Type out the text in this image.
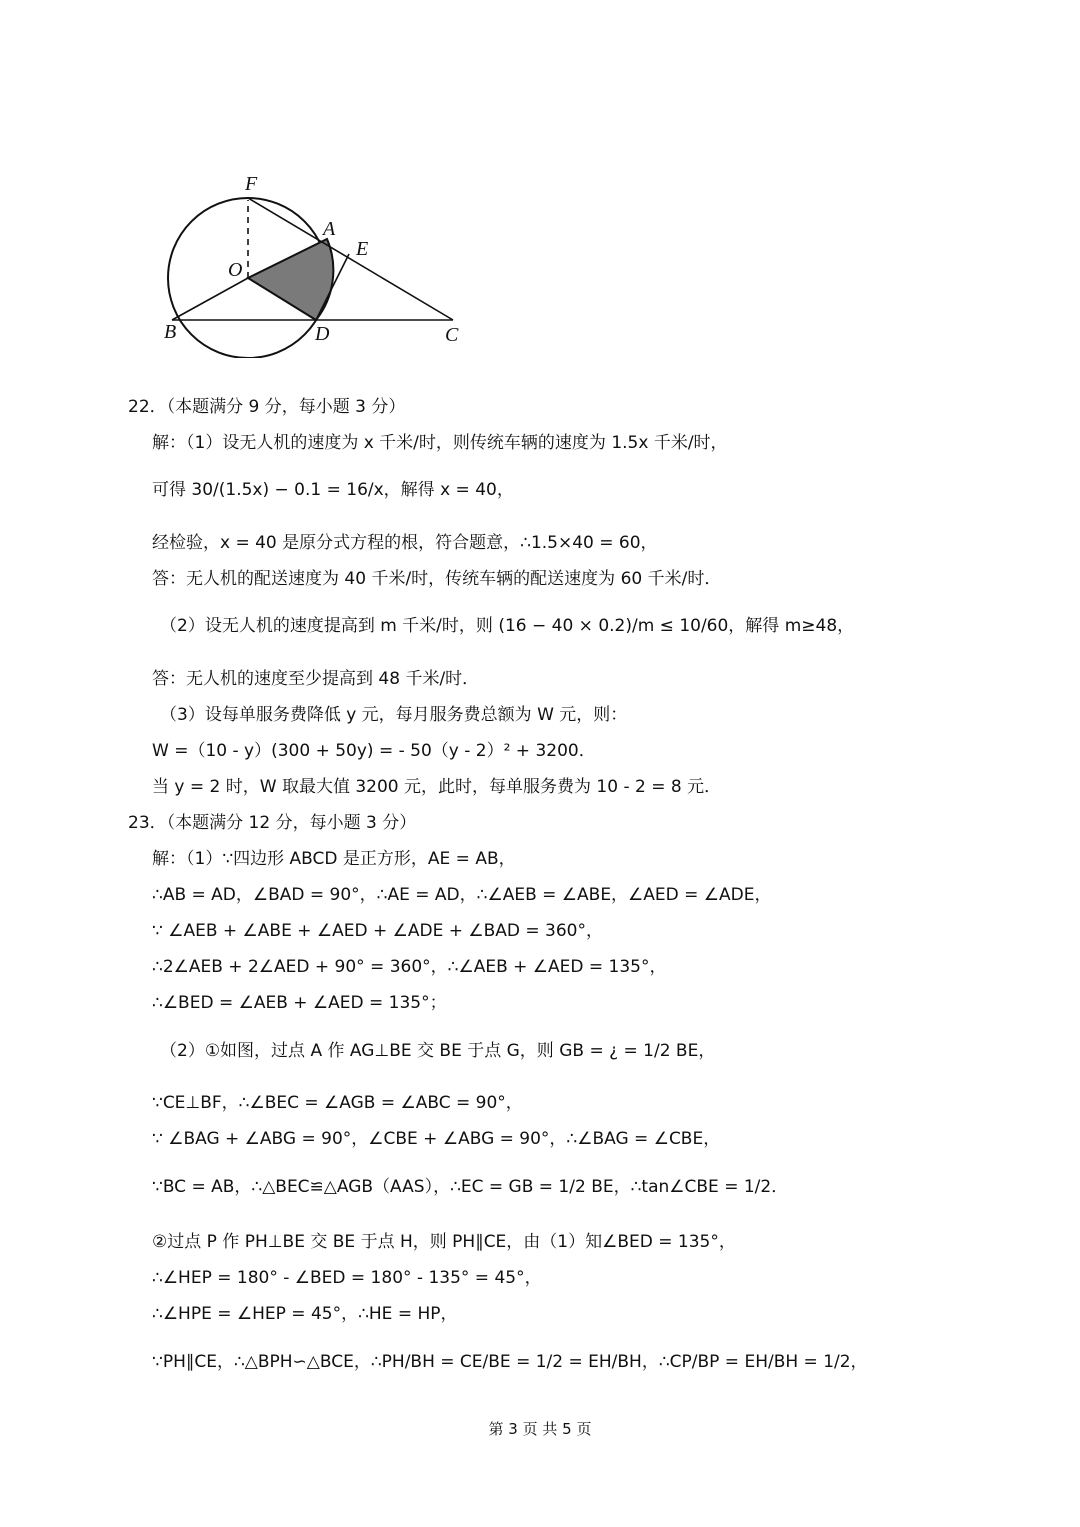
F
A
E
O
B	D	C
22．（本题满分 9 分，每小题 3 分）
解：（1）设无人机的速度为 x 千米/时，则传统车辆的速度为 1.5x 千米/时，
可得 30/(1.5x) − 0.1 = 16/x，解得 x = 40，
经检验，x = 40 是原分式方程的根，符合题意，∴1.5×40 = 60，
答：无人机的配送速度为 40 千米/时，传统车辆的配送速度为 60 千米/时．
（2）设无人机的速度提高到 m 千米/时，则 (16 − 40 × 0.2)/m ≤ 10/60，解得 m≥48，
答：无人机的速度至少提高到 48 千米/时．
（3）设每单服务费降低 y 元，每月服务费总额为 W 元，则：
W =（10 - y）(300 + 50y) = - 50（y - 2）² + 3200．
当 y = 2 时，W 取最大值 3200 元，此时，每单服务费为 10 - 2 = 8 元．
23．（本题满分 12 分，每小题 3 分）
解：（1）∵四边形 ABCD 是正方形，AE = AB，
∴AB = AD，∠BAD = 90°，∴AE = AD，∴∠AEB = ∠ABE，∠AED = ∠ADE，
∵ ∠AEB + ∠ABE + ∠AED + ∠ADE + ∠BAD = 360°，
∴2∠AEB + 2∠AED + 90° = 360°，∴∠AEB + ∠AED = 135°，
∴∠BED = ∠AEB + ∠AED = 135°；
（2）①如图，过点 A 作 AG⊥BE 交 BE 于点 G，则 GB = ¿ = 1/2 BE，
∵CE⊥BF，∴∠BEC = ∠AGB = ∠ABC = 90°，
∵ ∠BAG + ∠ABG = 90°，∠CBE + ∠ABG = 90°，∴∠BAG = ∠CBE，
∵BC = AB，∴△BEC≌△AGB（AAS），∴EC = GB = 1/2 BE，∴tan∠CBE = 1/2．
②过点 P 作 PH⊥BE 交 BE 于点 H，则 PH∥CE，由（1）知∠BED = 135°，
∴∠HEP = 180° - ∠BED = 180° - 135° = 45°，
∴∠HPE = ∠HEP = 45°，∴HE = HP，
∵PH∥CE，∴△BPH∽△BCE，∴PH/BH = CE/BE = 1/2 = EH/BH，∴CP/BP = EH/BH = 1/2，
第 3 页 共 5 页
